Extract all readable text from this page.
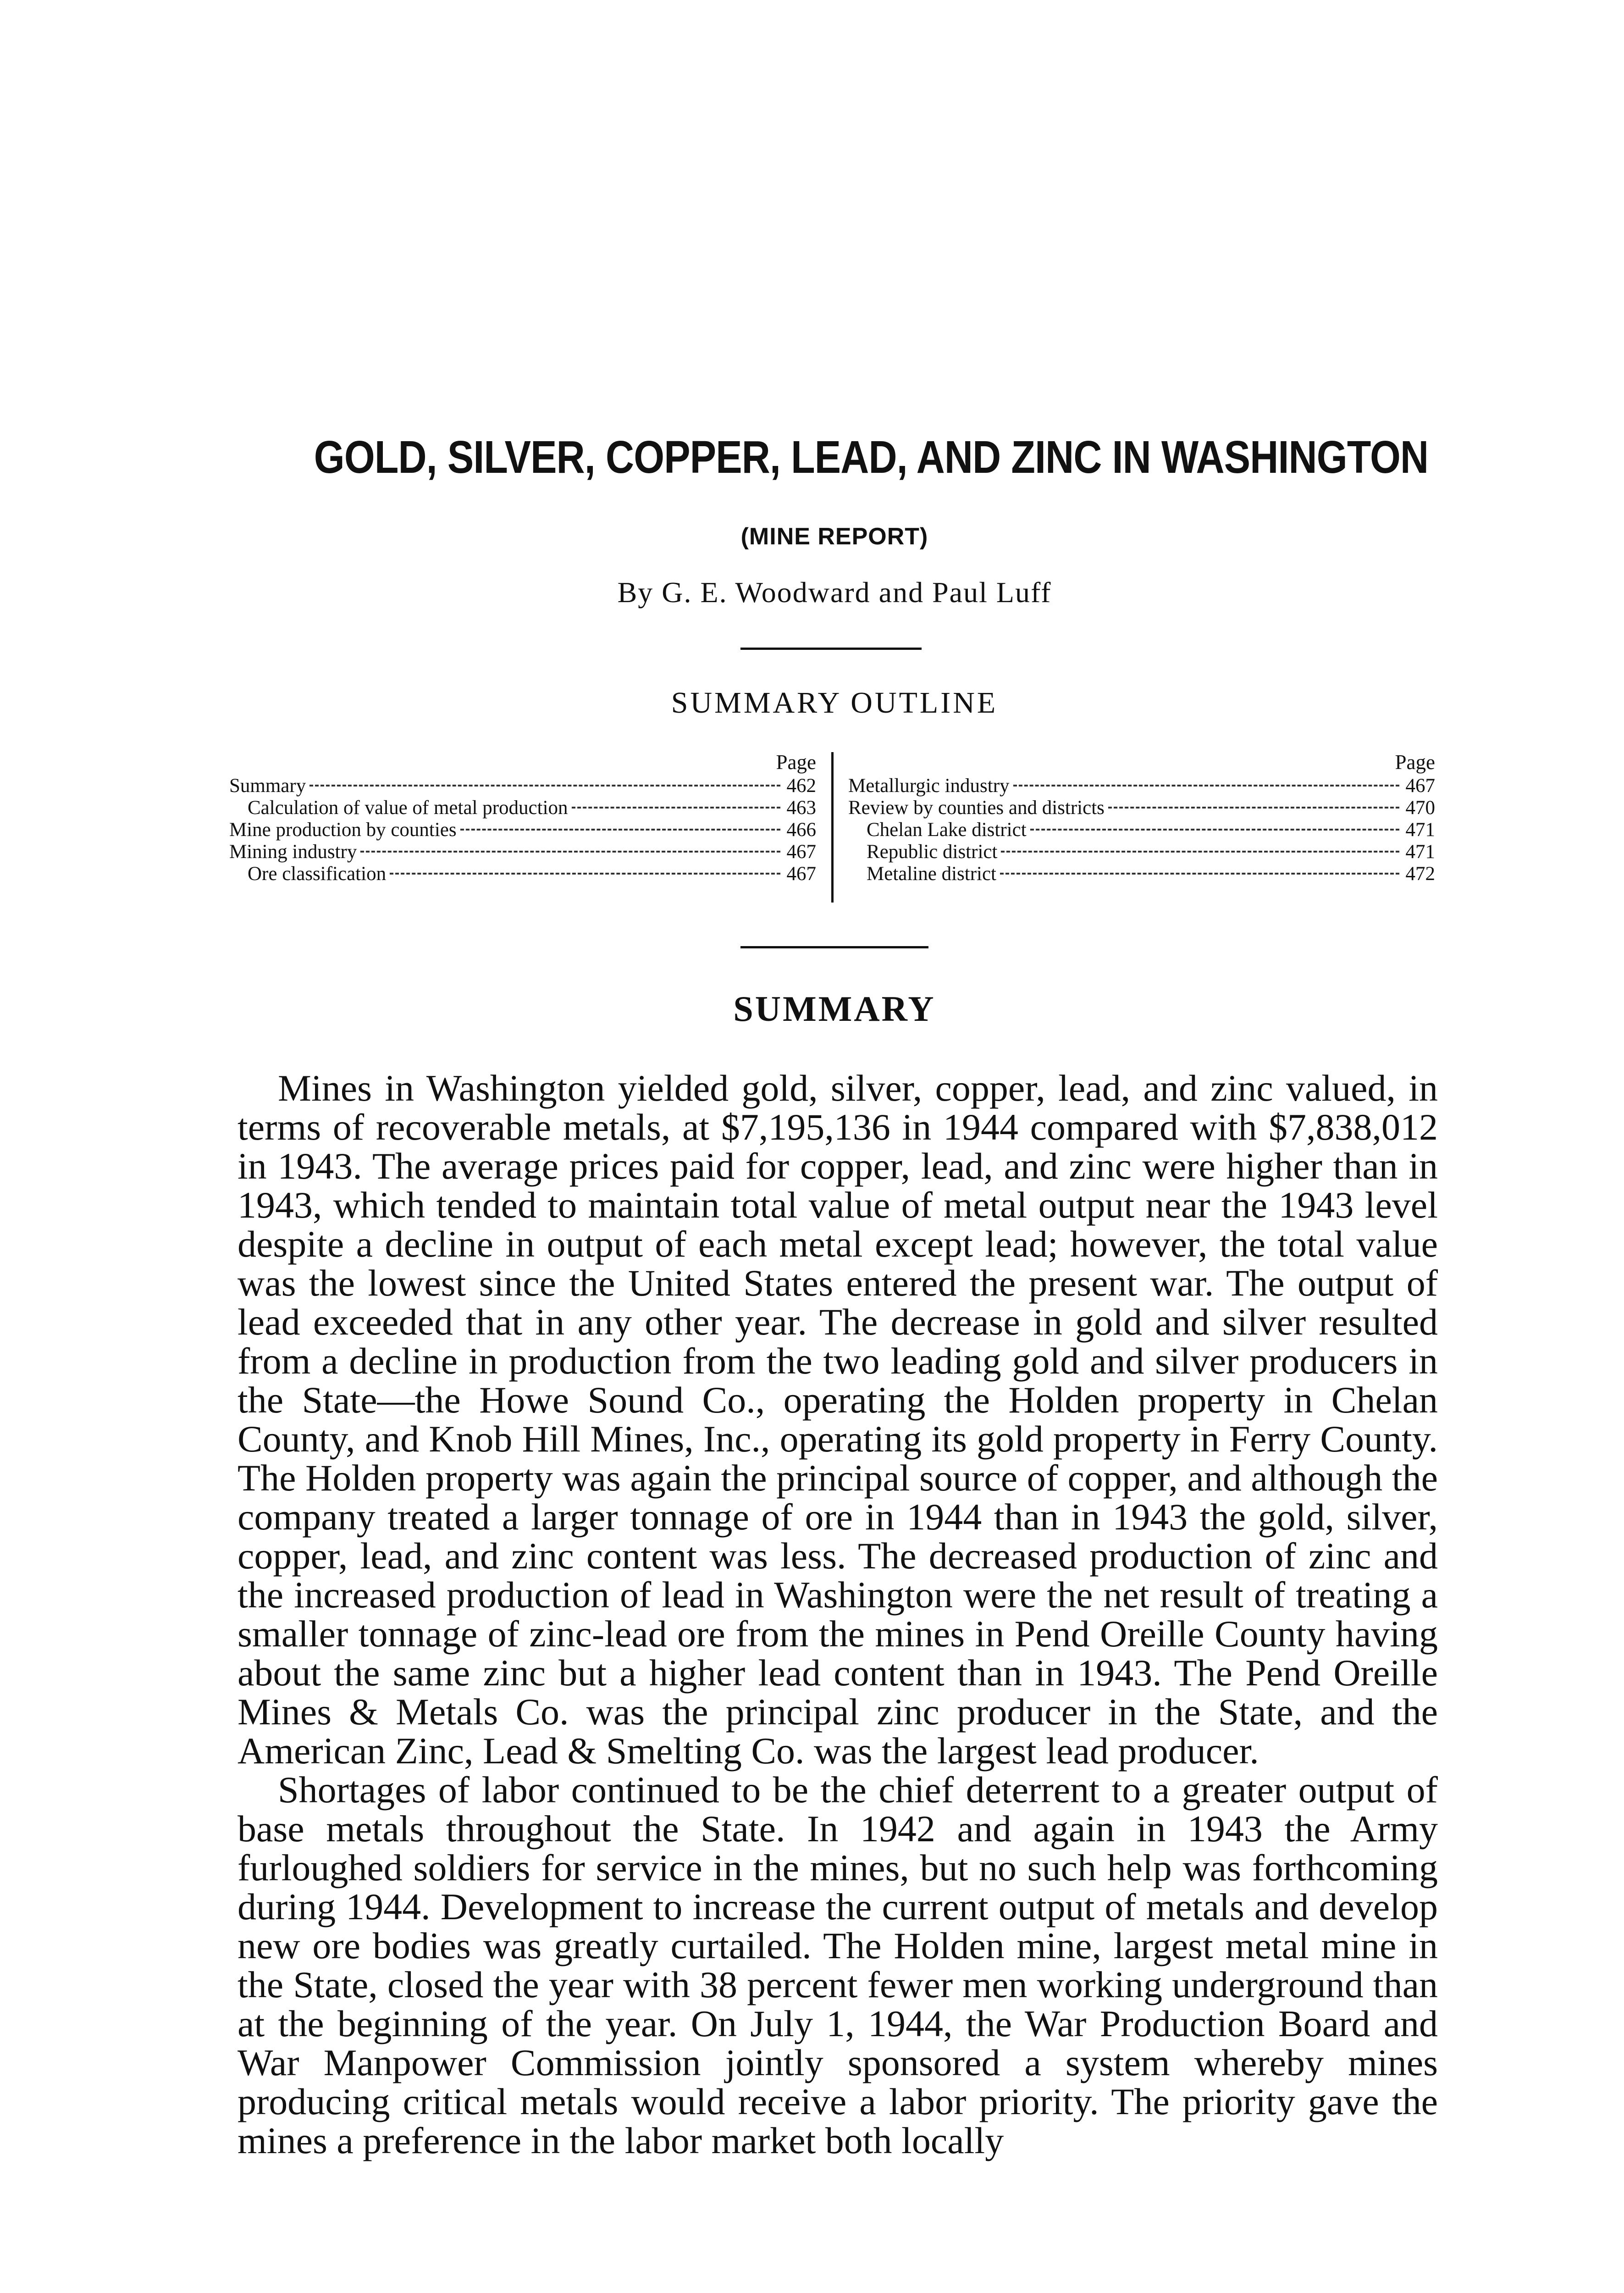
GOLD, SILVER, COPPER, LEAD, AND ZINC IN WASHINGTON
(MINE REPORT)
By G. E. Woodward and Paul Luff
SUMMARY OUTLINE
Page
Summary	462
Calculation of value of metal production	463
Mine production by counties	466
Mining industry	467
Ore classification	467
Page
Metallurgic industry	467
Review by counties and districts	470
Chelan Lake district	471
Republic district	471
Metaline district	472
SUMMARY

Mines in Washington yielded gold, silver, copper, lead, and zinc valued, in terms of recoverable metals, at $7,195,136 in 1944 compared with $7,838,012 in 1943. The average prices paid for copper, lead, and zinc were higher than in 1943, which tended to maintain total value of metal output near the 1943 level despite a decline in output of each metal except lead; however, the total value was the lowest since the United States entered the present war. The output of lead exceeded that in any other year. The decrease in gold and silver resulted from a decline in production from the two leading gold and silver producers in the State—the Howe Sound Co., operating the Holden property in Chelan County, and Knob Hill Mines, Inc., operating its gold property in Ferry County. The Holden property was again the principal source of copper, and although the company treated a larger tonnage of ore in 1944 than in 1943 the gold, silver, copper, lead, and zinc content was less. The decreased production of zinc and the increased production of lead in Washington were the net result of treating a smaller tonnage of zinc-lead ore from the mines in Pend Oreille County having about the same zinc but a higher lead content than in 1943. The Pend Oreille Mines & Metals Co. was the principal zinc producer in the State, and the American Zinc, Lead & Smelting Co. was the largest lead producer.

Shortages of labor continued to be the chief deterrent to a greater output of base metals throughout the State. In 1942 and again in 1943 the Army furloughed soldiers for service in the mines, but no such help was forthcoming during 1944. Development to increase the current output of metals and develop new ore bodies was greatly curtailed. The Holden mine, largest metal mine in the State, closed the year with 38 percent fewer men working underground than at the beginning of the year. On July 1, 1944, the War Production Board and War Manpower Commission jointly sponsored a system whereby mines producing critical metals would receive a labor priority. The priority gave the mines a preference in the labor market both locally
